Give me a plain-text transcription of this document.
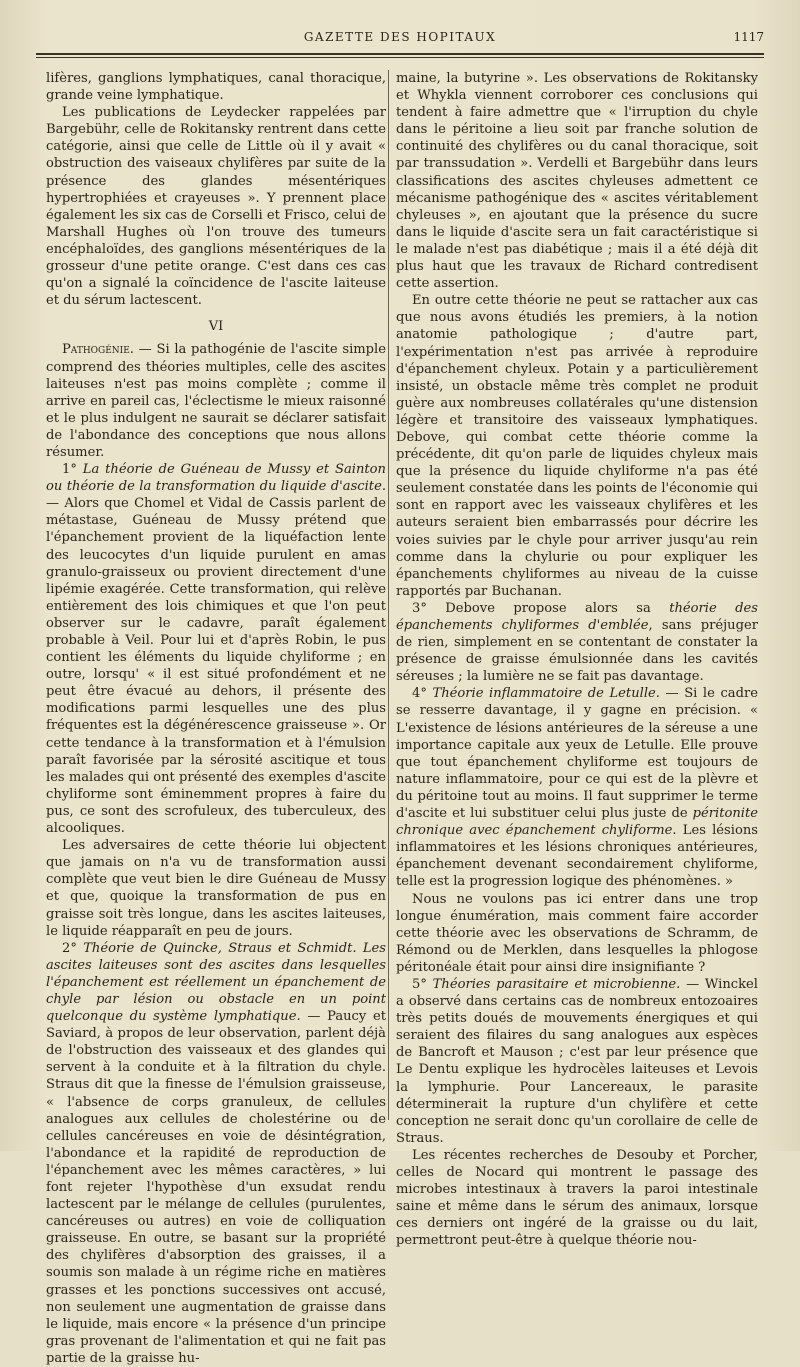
GAZETTE DES HOPITAUX	1117

lifères, ganglions lymphatiques, canal thoracique, grande veine lymphatique.

Les publications de Leydecker rappelées par Bargebühr, celle de Rokitansky rentrent dans cette catégorie, ainsi que celle de Little où il y avait « obstruction des vaiseaux chylifères par suite de la présence des glandes mésentériques hypertrophiées et crayeuses ». Y prennent place également les six cas de Corselli et Frisco, celui de Marshall Hughes où l'on trouve des tumeurs encéphaloïdes, des ganglions mésentériques de la grosseur d'une petite orange. C'est dans ces cas qu'on a signalé la coïncidence de l'ascite laiteuse et du sérum lactescent.

VI

Pathogénie. — Si la pathogénie de l'ascite simple comprend des théories multiples, celle des ascites laiteuses n'est pas moins complète ; comme il arrive en pareil cas, l'éclectisme le mieux raisonné et le plus indulgent ne saurait se déclarer satisfait de l'abondance des conceptions que nous allons résumer.

1° La théorie de Guéneau de Mussy et Sainton ou théorie de la transformation du liquide d'ascite. — Alors que Chomel et Vidal de Cassis parlent de métastase, Guéneau de Mussy prétend que l'épanchement provient de la liquéfaction lente des leucocytes d'un liquide purulent en amas granulo-graisseux ou provient directement d'une lipémie exagérée. Cette transformation, qui relève entièrement des lois chimiques et que l'on peut observer sur le cadavre, paraît également probable à Veil. Pour lui et d'après Robin, le pus contient les éléments du liquide chyliforme ; en outre, lorsqu' « il est situé profondément et ne peut être évacué au dehors, il présente des modifications parmi lesquelles une des plus fréquentes est la dégénérescence graisseuse ». Or cette tendance à la transformation et à l'émulsion paraît favorisée par la sérosité ascitique et tous les malades qui ont présenté des exemples d'ascite chyliforme sont éminemment propres à faire du pus, ce sont des scrofuleux, des tuberculeux, des alcooliques.

Les adversaires de cette théorie lui objectent que jamais on n'a vu de transformation aussi complète que veut bien le dire Guéneau de Mussy et que, quoique la transformation de pus en graisse soit très longue, dans les ascites laiteuses, le liquide réapparaît en peu de jours.

2° Théorie de Quincke, Straus et Schmidt. Les ascites laiteuses sont des ascites dans lesquelles l'épanchement est réellement un épanchement de chyle par lésion ou obstacle en un point quelconque du système lymphatique. — Paucy et Saviard, à propos de leur observation, parlent déjà de l'obstruction des vaisseaux et des glandes qui servent à la conduite et à la filtration du chyle. Straus dit que la finesse de l'émulsion graisseuse, « l'absence de corps granuleux, de cellules analogues aux cellules de cholestérine ou de cellules cancéreuses en voie de désintégration, l'abondance et la rapidité de reproduction de l'épanchement avec les mêmes caractères, » lui font rejeter l'hypothèse d'un exsudat rendu lactescent par le mélange de cellules (purulentes, cancéreuses ou autres) en voie de colliquation graisseuse. En outre, se basant sur la propriété des chylifères d'absorption des graisses, il a soumis son malade à un régime riche en matières grasses et les ponctions successives ont accusé, non seulement une augmentation de graisse dans le liquide, mais encore « la présence d'un principe gras provenant de l'alimentation et qui ne fait pas partie de la graisse hu-

maine, la butyrine ». Les observations de Rokitansky et Whykla viennent corroborer ces conclusions qui tendent à faire admettre que « l'irruption du chyle dans le péritoine a lieu soit par franche solution de continuité des chylifères ou du canal thoracique, soit par transsudation ». Verdelli et Bargebühr dans leurs classifications des ascites chyleuses admettent ce mécanisme pathogénique des « ascites véritablement chyleuses », en ajoutant que la présence du sucre dans le liquide d'ascite sera un fait caractéristique si le malade n'est pas diabétique ; mais il a été déjà dit plus haut que les travaux de Richard contredisent cette assertion.

En outre cette théorie ne peut se rattacher aux cas que nous avons étudiés les premiers, à la notion anatomie pathologique ; d'autre part, l'expérimentation n'est pas arrivée à reproduire d'épanchement chyleux. Potain y a particulièrement insisté, un obstacle même très complet ne produit guère aux nombreuses collatérales qu'une distension légère et transitoire des vaisseaux lymphatiques. Debove, qui combat cette théorie comme la précédente, dit qu'on parle de liquides chyleux mais que la présence du liquide chyliforme n'a pas été seulement constatée dans les points de l'économie qui sont en rapport avec les vaisseaux chylifères et les auteurs seraient bien embarrassés pour décrire les voies suivies par le chyle pour arriver jusqu'au rein comme dans la chylurie ou pour expliquer les épanchements chyliformes au niveau de la cuisse rapportés par Buchanan.

3° Debove propose alors sa théorie des épanchements chyliformes d'emblée, sans préjuger de rien, simplement en se contentant de constater la présence de graisse émulsionnée dans les cavités séreuses ; la lumière ne se fait pas davantage.

4° Théorie inflammatoire de Letulle. — Si le cadre se resserre davantage, il y gagne en précision. « L'existence de lésions antérieures de la séreuse a une importance capitale aux yeux de Letulle. Elle prouve que tout épanchement chyliforme est toujours de nature inflammatoire, pour ce qui est de la plèvre et du péritoine tout au moins. Il faut supprimer le terme d'ascite et lui substituer celui plus juste de péritonite chronique avec épanchement chyliforme. Les lésions inflammatoires et les lésions chroniques antérieures, épanchement devenant secondairement chyliforme, telle est la progression logique des phénomènes. »

Nous ne voulons pas ici entrer dans une trop longue énumération, mais comment faire accorder cette théorie avec les observations de Schramm, de Rémond ou de Merklen, dans lesquelles la phlogose péritonéale était pour ainsi dire insignifiante ?

5° Théories parasitaire et microbienne. — Winckel a observé dans certains cas de nombreux entozoaires très petits doués de mouvements énergiques et qui seraient des filaires du sang analogues aux espèces de Bancroft et Mauson ; c'est par leur présence que Le Dentu explique les hydrocèles laiteuses et Levois la lymphurie. Pour Lancereaux, le parasite déterminerait la rupture d'un chylifère et cette conception ne serait donc qu'un corollaire de celle de Straus.

Les récentes recherches de Desouby et Porcher, celles de Nocard qui montrent le passage des microbes intestinaux à travers la paroi intestinale saine et même dans le sérum des animaux, lorsque ces derniers ont ingéré de la graisse ou du lait, permettront peut-être à quelque théorie nou-
